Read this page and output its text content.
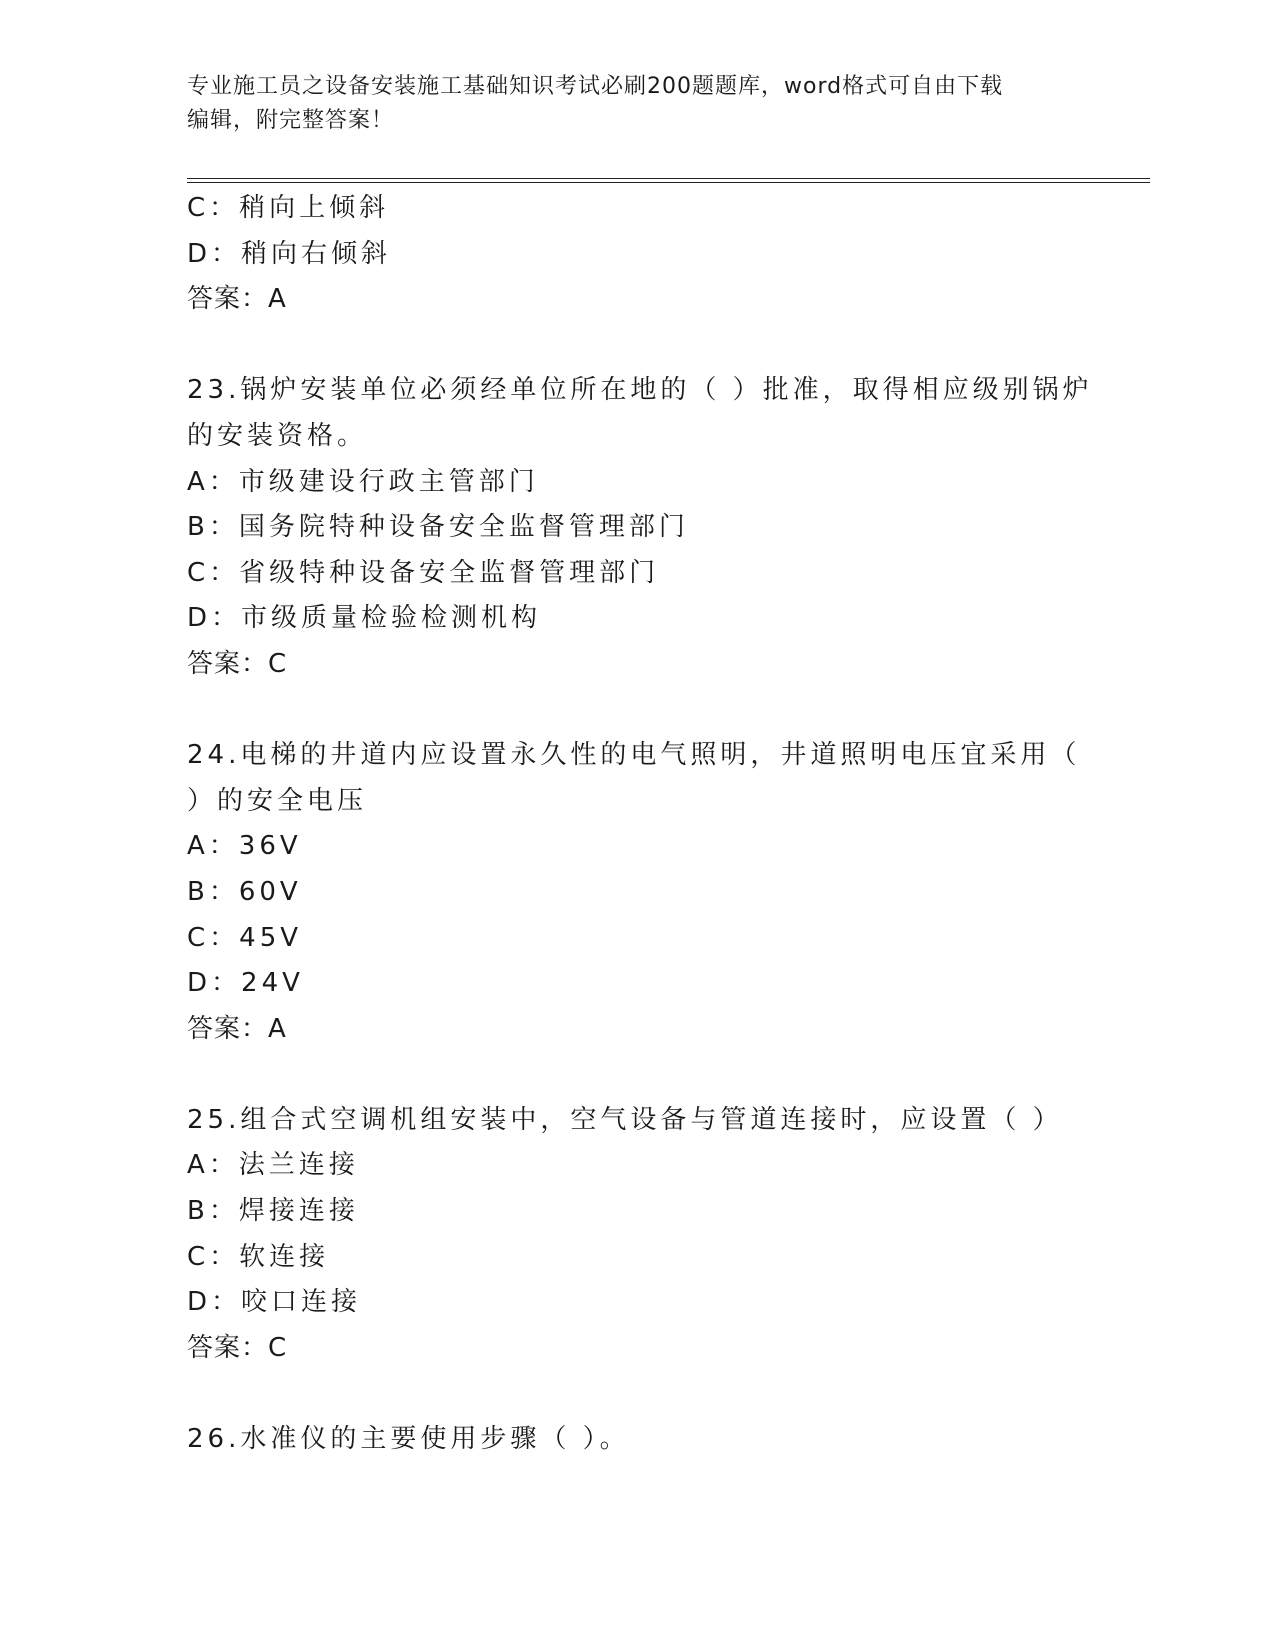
专业施工员之设备安装施工基础知识考试必刷200题题库，word格式可自由下载
编辑，附完整答案！
C：稍向上倾斜
D：稍向右倾斜
答案：A
23.锅炉安装单位必须经单位所在地的（ ）批准，取得相应级别锅炉
的安装资格。
A：市级建设行政主管部门
B：国务院特种设备安全监督管理部门
C：省级特种设备安全监督管理部门
D：市级质量检验检测机构
答案：C
24.电梯的井道内应设置永久性的电气照明，井道照明电压宜采用（
）的安全电压
A：36V
B：60V
C：45V
D：24V
答案：A
25.组合式空调机组安装中，空气设备与管道连接时，应设置（ ）
A：法兰连接
B：焊接连接
C：软连接
D：咬口连接
答案：C
26.水准仪的主要使用步骤（ ）。
